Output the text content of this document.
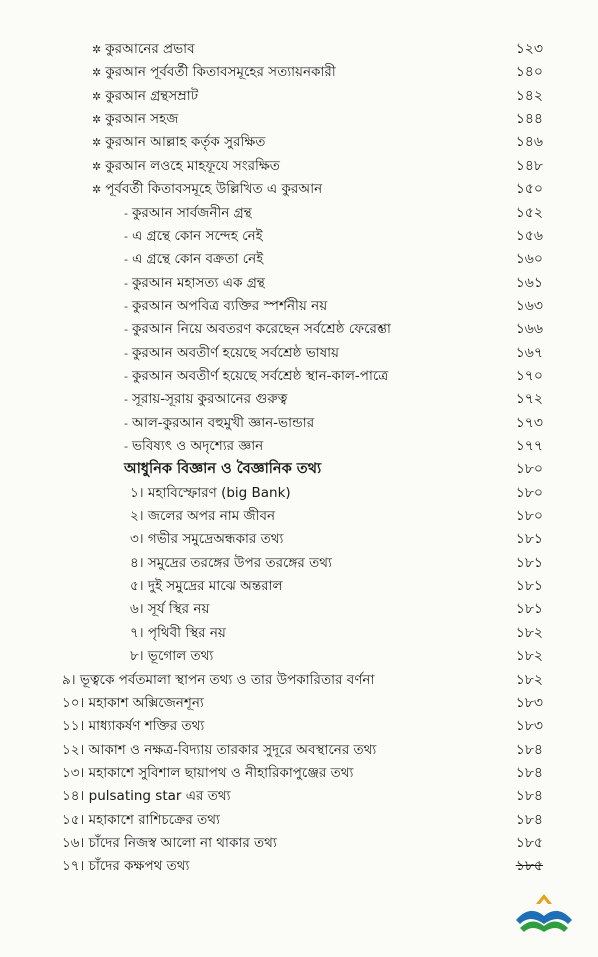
✲ কুরআনের প্রভাব	১২৩
✲ কুরআন পূর্ববর্তী কিতাবসমূহের সত্যায়নকারী	১৪০
✲ কুরআন গ্রন্থসম্রাট	১৪২
✲ কুরআন সহজ	১৪৪
✲ কুরআন আল্লাহ কর্তৃক সুরক্ষিত	১৪৬
✲ কুরআন লওহে মাহফূযে সংরক্ষিত	১৪৮
✲ পূর্ববর্তী কিতাবসমূহে উল্লিখিত এ কুরআন	১৫০
- কুরআন সার্বজনীন গ্রন্থ	১৫২
- এ গ্রন্থে কোন সন্দেহ নেই	১৫৬
- এ গ্রন্থে কোন বক্রতা নেই	১৬০
- কুরআন মহাসত্য এক গ্রন্থ	১৬১
- কুরআন অপবিত্র ব্যক্তির স্পর্শনীয় নয়	১৬৩
- কুরআন নিয়ে অবতরণ করেছেন সর্বশ্রেষ্ঠ ফেরেশ্তা	১৬৬
- কুরআন অবতীর্ণ হয়েছে সর্বশ্রেষ্ঠ ভাষায়	১৬৭
- কুরআন অবতীর্ণ হয়েছে সর্বশ্রেষ্ঠ স্থান-কাল-পাত্রে	১৭০
- সূরায়-সূরায় কুরআনের গুরুত্ব	১৭২
- আল-কুরআন বহুমুখী জ্ঞান-ভান্ডার	১৭৩
- ভবিষ্যৎ ও অদৃশ্যের জ্ঞান	১৭৭
আধুনিক বিজ্ঞান ও বৈজ্ঞানিক তথ্য	১৮০
১। মহাবিস্ফোরণ (big Bank)	১৮০
২। জলের অপর নাম জীবন	১৮০
৩। গভীর সমুদ্রেঅন্ধকার তথ্য	১৮১
৪। সমুদ্রের তরঙ্গের উপর তরঙ্গের তথ্য	১৮১
৫। দুই সমুদ্রের মাঝে অন্তরাল	১৮১
৬। সূর্য স্থির নয়	১৮১
৭। পৃথিবী স্থির নয়	১৮২
৮। ভূগোল তথ্য	১৮২
৯। ভূত্বকে পর্বতমালা স্থাপন তথ্য ও তার উপকারিতার বর্ণনা	১৮২
১০। মহাকাশ অক্সিজেনশূন্য	১৮৩
১১। মাধ্যাকর্ষণ শক্তির তথ্য	১৮৩
১২। আকাশ ও নক্ষত্র-বিদ্যায় তারকার সুদূরে অবস্থানের তথ্য	১৮৪
১৩। মহাকাশে সুবিশাল ছায়াপথ ও নীহারিকাপুঞ্জের তথ্য	১৮৪
১৪। pulsating star এর তথ্য	১৮৪
১৫। মহাকাশে রাশিচক্রের তথ্য	১৮৪
১৬। চাঁদের নিজস্ব আলো না থাকার তথ্য	১৮৫
১৭। চাঁদের কক্ষপথ তথ্য	১৮৫
